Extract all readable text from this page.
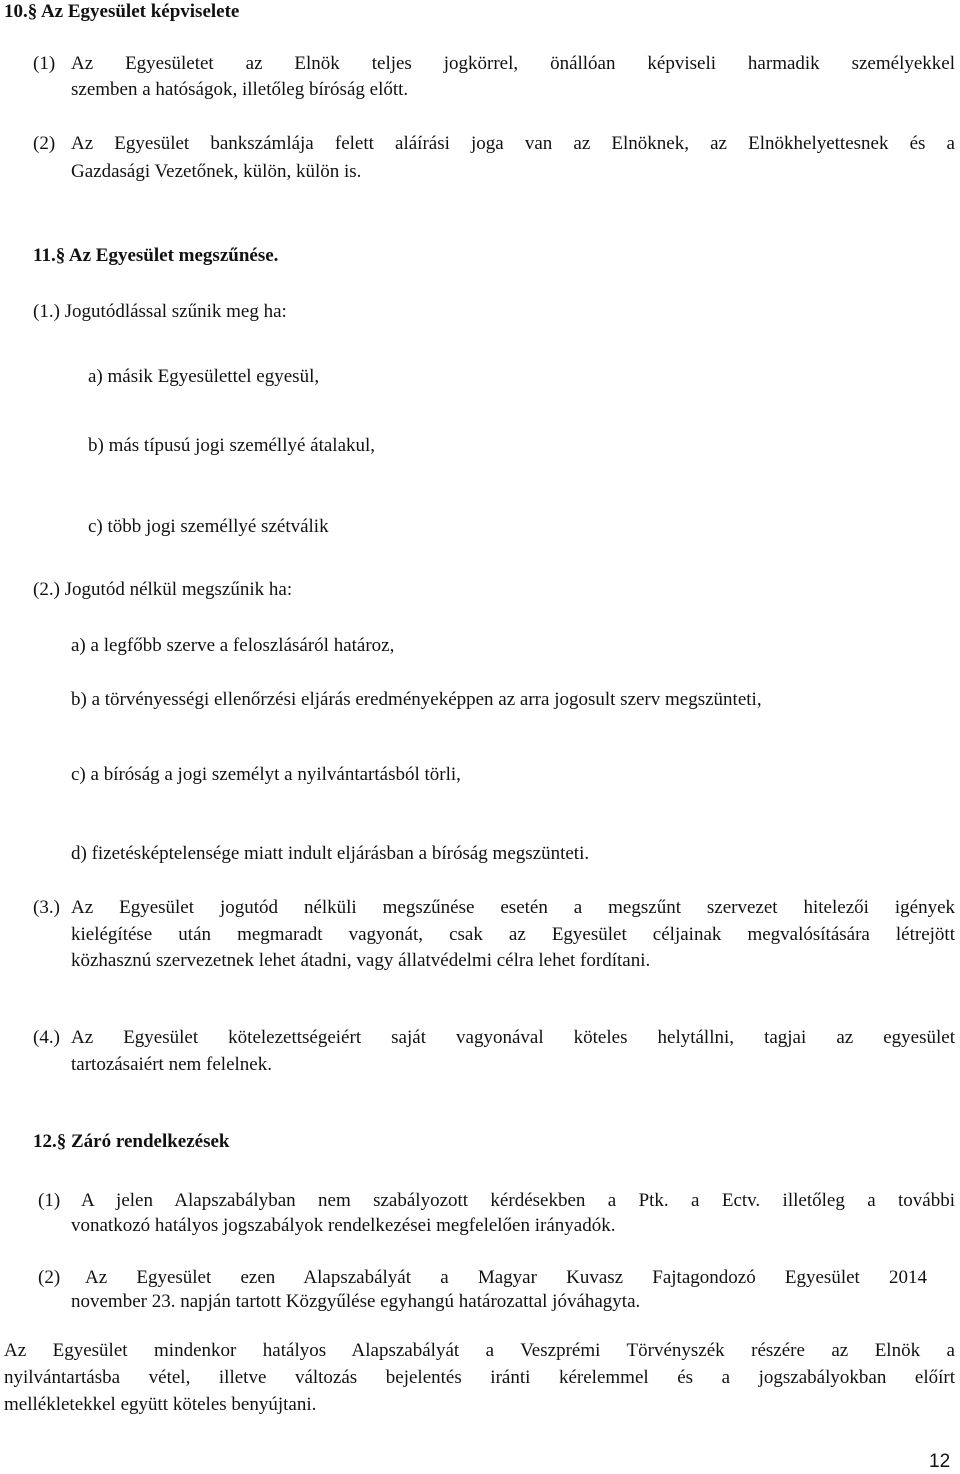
10.§ Az Egyesület képviselete
(1) Az Egyesületet az Elnök teljes jogkörrel, önállóan képviseli harmadik személyekkel
szemben a hatóságok, illetőleg bíróság előtt.
(2) Az Egyesület bankszámlája felett aláírási joga van az Elnöknek, az Elnökhelyettesnek és a
Gazdasági Vezetőnek, külön, külön is.
11.§ Az Egyesület megszűnése.
(1.) Jogutódlással szűnik meg ha:
a) másik Egyesülettel egyesül,
b) más típusú jogi személlyé átalakul,
c) több jogi személlyé szétválik
(2.) Jogutód nélkül megszűnik ha:
a) a legfőbb szerve a feloszlásáról határoz,
b) a törvényességi ellenőrzési eljárás eredményeképpen az arra jogosult szerv megszünteti,
c) a bíróság a jogi személyt a nyilvántartásból törli,
d) fizetésképtelensége miatt indult eljárásban a bíróság megszünteti.
(3.) Az Egyesület jogutód nélküli megszűnése esetén a megszűnt szervezet hitelezői igények
kielégítése után megmaradt vagyonát, csak az Egyesület céljainak megvalósítására létrejött
közhasznú szervezetnek lehet átadni, vagy állatvédelmi célra lehet fordítani.
(4.) Az Egyesület kötelezettségeiért saját vagyonával köteles helytállni, tagjai az egyesület
tartozásaiért nem felelnek.
12.§ Záró rendelkezések
(1) A jelen Alapszabályban nem szabályozott kérdésekben a Ptk. a Ectv. illetőleg a további
vonatkozó hatályos jogszabályok rendelkezései megfelelően irányadók.
(2) Az Egyesület ezen Alapszabályát a Magyar Kuvasz Fajtagondozó Egyesület 2014
november 23. napján tartott Közgyűlése egyhangú határozattal jóváhagyta.
Az Egyesület mindenkor hatályos Alapszabályát a Veszprémi Törvényszék részére az Elnök a
nyilvántartásba vétel, illetve változás bejelentés iránti kérelemmel és a jogszabályokban előírt
mellékletekkel együtt köteles benyújtani.
12
